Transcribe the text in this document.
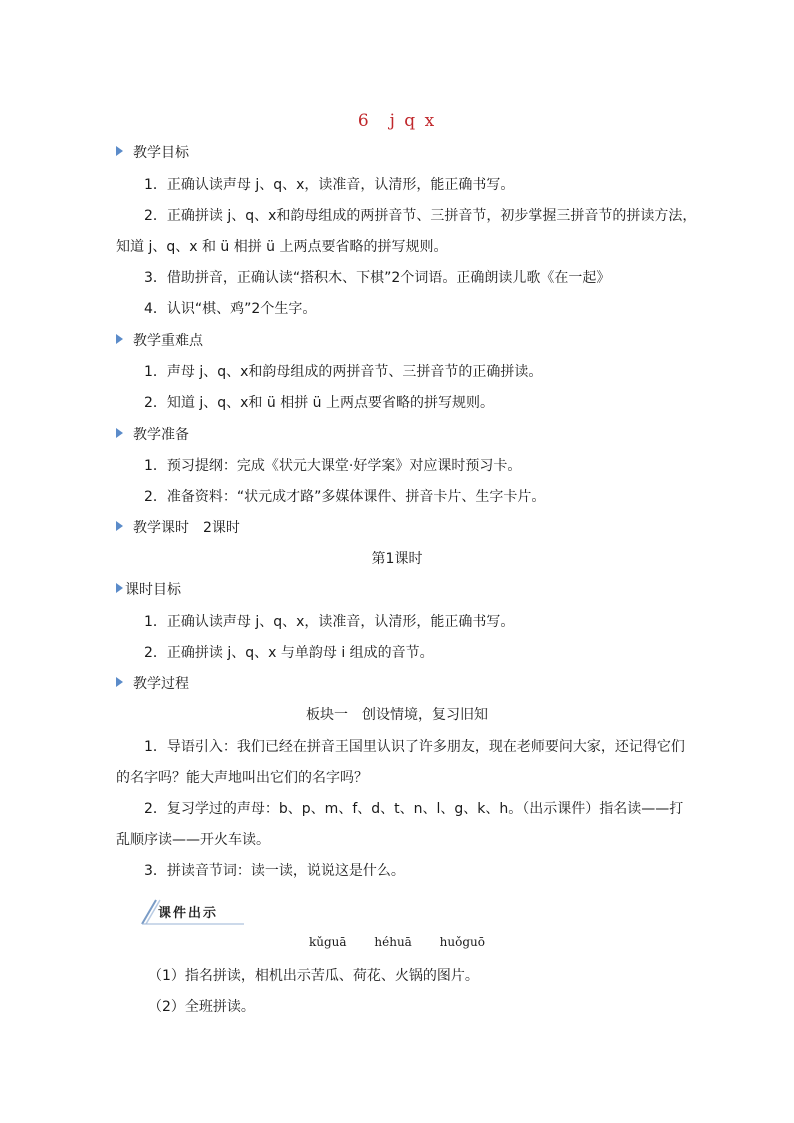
6　j q x
教学目标
1．正确认读声母 j、q、x，读准音，认清形，能正确书写。
2．正确拼读 j、q、x和韵母组成的两拼音节、三拼音节，初步掌握三拼音节的拼读方法，
知道 j、q、x 和 ü 相拼 ü 上两点要省略的拼写规则。
3．借助拼音，正确认读“搭积木、下棋”2个词语。正确朗读儿歌《在一起》
4．认识“棋、鸡”2个生字。
教学重难点
1．声母 j、q、x和韵母组成的两拼音节、三拼音节的正确拼读。
2．知道 j、q、x和 ü 相拼 ü 上两点要省略的拼写规则。
教学准备
1．预习提纲：完成《状元大课堂·好学案》对应课时预习卡。
2．准备资料：“状元成才路”多媒体课件、拼音卡片、生字卡片。
教学课时　2课时
第1课时
课时目标
1．正确认读声母 j、q、x，读准音，认清形，能正确书写。
2．正确拼读 j、q、x 与单韵母 i 组成的音节。
教学过程
板块一　创设情境，复习旧知
1．导语引入：我们已经在拼音王国里认识了许多朋友，现在老师要问大家，还记得它们
的名字吗？能大声地叫出它们的名字吗？
2．复习学过的声母：b、p、m、f、d、t、n、l、g、k、h。（出示课件）指名读——打
乱顺序读——开火车读。
3．拼读音节词：读一读，说说这是什么。
课件出示
kǔguā héhuā huǒguō
（1）指名拼读，相机出示苦瓜、荷花、火锅的图片。
（2）全班拼读。
